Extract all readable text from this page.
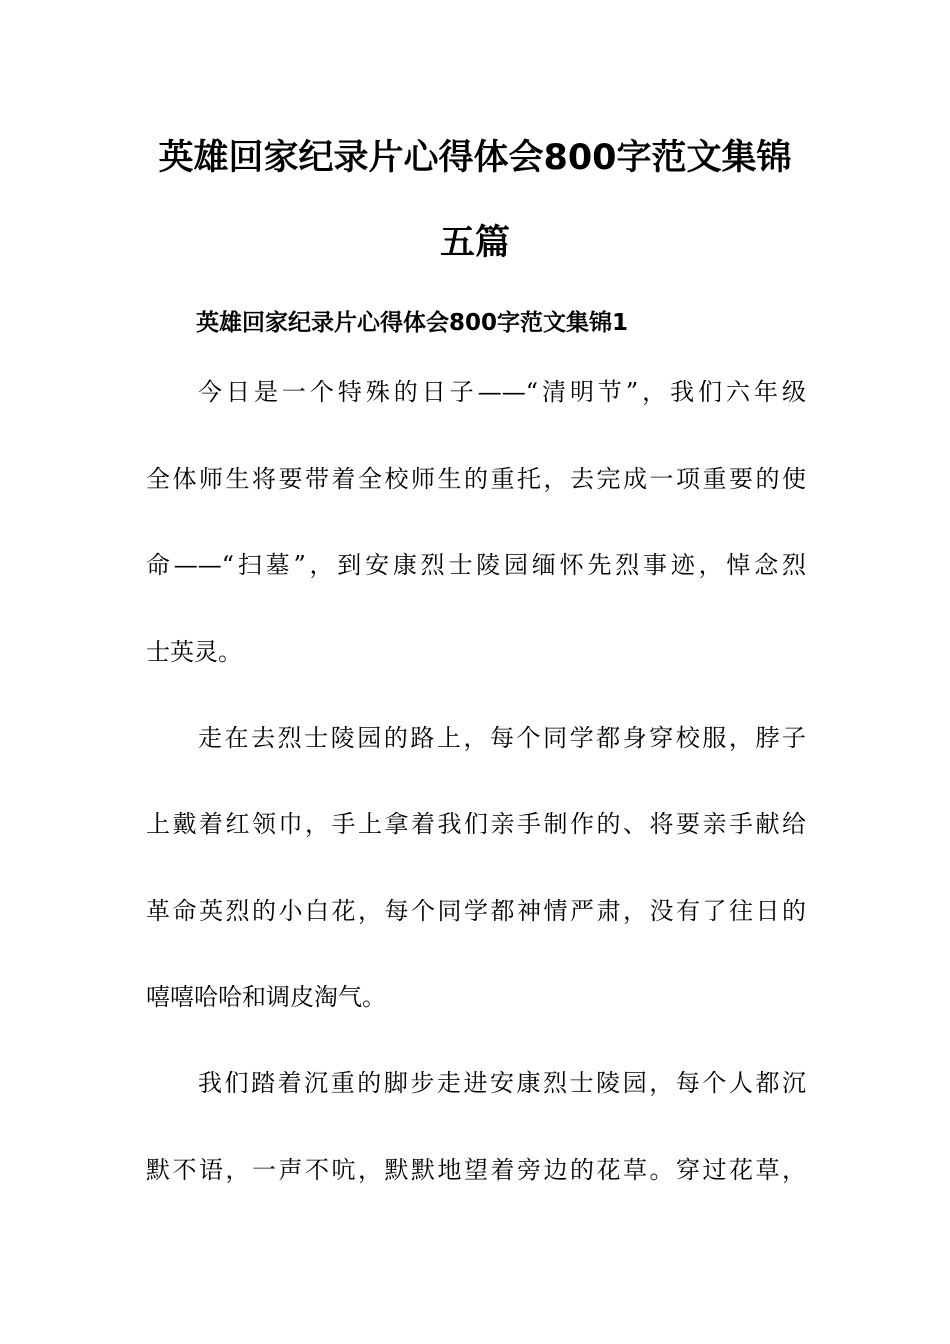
英雄回家纪录片心得体会800字范文集锦
五篇
英雄回家纪录片心得体会800字范文集锦1
今日是一个特殊的日子——“清明节”，我们六年级
全体师生将要带着全校师生的重托，去完成一项重要的使
命——“扫墓”，到安康烈士陵园缅怀先烈事迹，悼念烈
士英灵。
走在去烈士陵园的路上，每个同学都身穿校服，脖子
上戴着红领巾，手上拿着我们亲手制作的、将要亲手献给
革命英烈的小白花，每个同学都神情严肃，没有了往日的
嘻嘻哈哈和调皮淘气。
我们踏着沉重的脚步走进安康烈士陵园，每个人都沉
默不语，一声不吭，默默地望着旁边的花草。穿过花草，
